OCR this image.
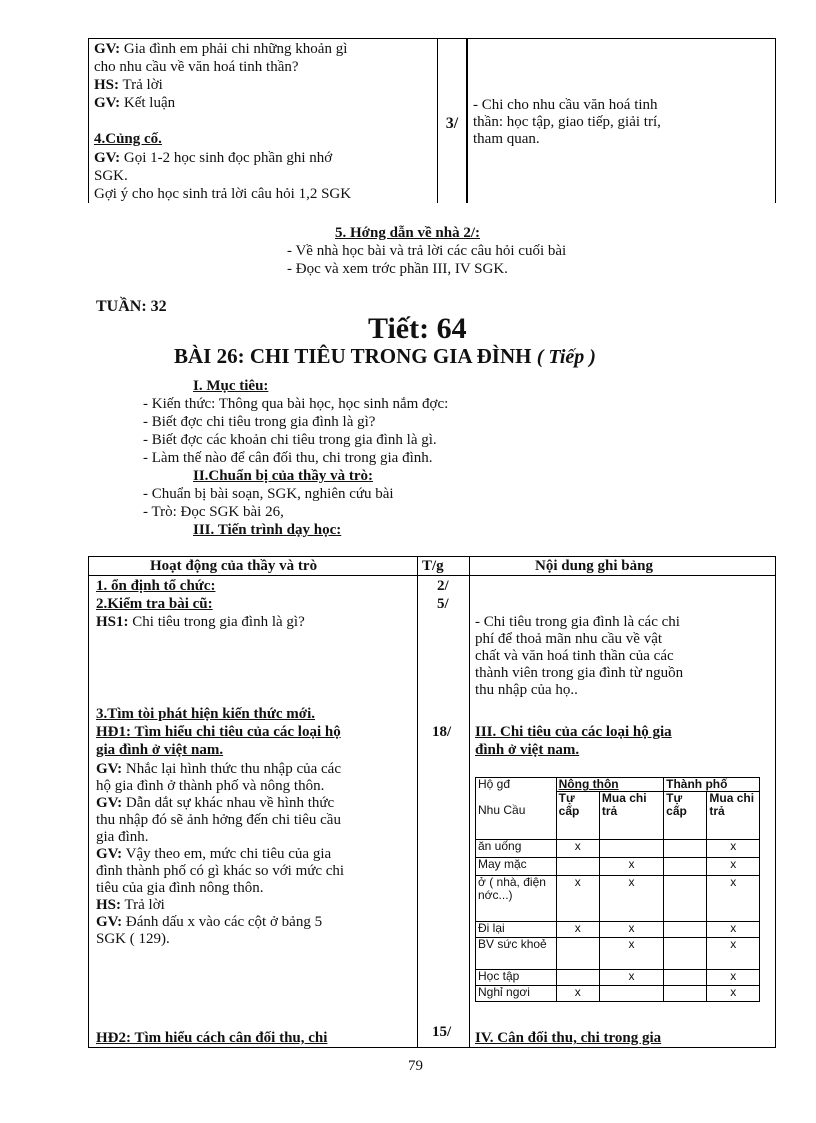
GV: Gia đình em phải chi những khoản gì
cho nhu cầu về văn hoá tinh thần?
HS: Trả lời
GV: Kết luận
4.Củng cố.
GV: Gọi 1-2 học sinh đọc phần ghi nhớ
SGK.
Gợi ý cho học sinh trả lời câu hỏi 1,2 SGK
3/
- Chi cho nhu cầu văn hoá tinh
thần: học tập, giao tiếp, giải trí,
tham quan.
5. Hớng dẫn về nhà 2/:
- Về nhà học bài và trả lời các câu hỏi cuối bài
- Đọc và xem trớc phần III, IV SGK.
TUẦN: 32
Tiết: 64
BÀI 26: CHI TIÊU TRONG GIA ĐÌNH ( Tiếp )
I. Mục tiêu:
- Kiến thức: Thông qua bài học, học sinh nắm đợc:
- Biết đợc chi tiêu trong gia đình là gì?
- Biết đợc các khoản chi tiêu trong gia đình là gì.
- Làm thế nào để cân đối thu, chi trong gia đình.
II.Chuẩn bị của thầy và trò:
- Chuẩn bị bài soạn, SGK, nghiên cứu bài
- Trò: Đọc SGK bài 26,
III. Tiến trình dạy học:
Hoạt động của thầy và trò	T/g	Nội dung ghi bảng
1. ổn định tổ chức:	2/
2.Kiểm tra bài cũ:	5/
HS1: Chi tiêu trong gia đình là gì?	- Chi tiêu trong gia đình là các chi
phí để thoả mãn nhu cầu về vật
chất và văn hoá tinh thần của các
thành viên trong gia đình từ nguồn
thu nhập của họ..
3.Tìm tòi phát hiện kiến thức mới.
HĐ1: Tìm hiểu chi tiêu của các loại hộ
gia đình ở việt nam.
18/ III. Chi tiêu của các loại hộ gia
đình ở việt nam.
GV: Nhắc lại hình thức thu nhập của các
hộ gia đình ở thành phố và nông thôn.
GV: Dẫn dắt sự khác nhau về hình thức
thu nhập đó sẽ ảnh hởng đến chi tiêu cầu
gia đình.
GV: Vậy theo em, mức chi tiêu của gia
đình thành phố có gì khác so với mức chi
tiêu của gia đình nông thôn.
HS: Trả lời
GV: Đánh dấu x vào các cột ở bảng 5
SGK ( 129).
HĐ2: Tìm hiểu cách cân đối thu, chi	15/ IV. Cân đối thu, chi trong gia
Hộ gđ

Nhu Cầu	Nông thôn		Thành phố	
	Tự cấp	Mua chi trả	Tự cấp	Mua chi trả
ăn uống	x			x
May mặc		x		x
ở ( nhà, điện nớc...)	x	x		x
Đi lại	x	x		x
BV sức khoẻ		x		x
Học tập		x		x
Nghỉ ngơi	x			x
79
